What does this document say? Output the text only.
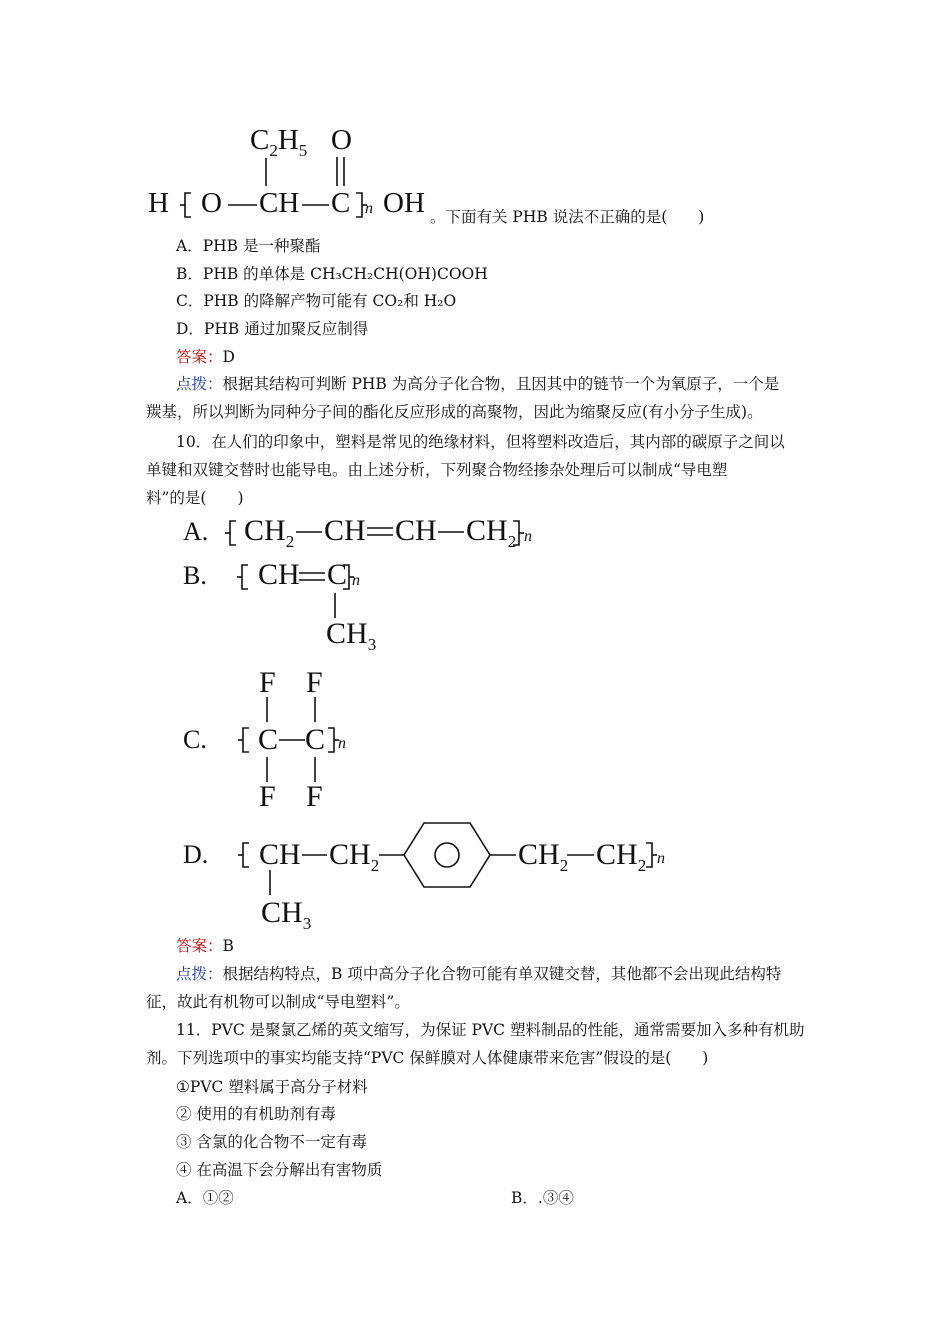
H O CH C n OH
$C_2H_5$ O
。下面有关 PHB 说法不正确的是(　　)
A．PHB 是一种聚酯
B．PHB 的单体是 CH₃CH₂CH(OH)COOH
C．PHB 的降解产物可能有 CO₂和 H₂O
D．PHB 通过加聚反应制得
答案：D
点拨：根据其结构可判断 PHB 为高分子化合物，且因其中的链节一个为氧原子，一个是
羰基，所以判断为同种分子间的酯化反应形成的高聚物，因此为缩聚反应(有小分子生成)。
10．在人们的印象中，塑料是常见的绝缘材料，但将塑料改造后，其内部的碳原子之间以
单键和双键交替时也能导电。由上述分析，下列聚合物经掺杂处理后可以制成“导电塑
料”的是(　　)
A. $CH_2$ CH CH $CH_2$ n
B. CH C n
$CH_3$
C.
F F
C C n
F F
D. CH $CH_2$	$CH_2$ $CH_2$ n
$CH_3$
答案：B
点拨：根据结构特点，B 项中高分子化合物可能有单双键交替，其他都不会出现此结构特
征，故此有机物可以制成“导电塑料”。
11．PVC 是聚氯乙烯的英文缩写，为保证 PVC 塑料制品的性能，通常需要加入多种有机助
剂。下列选项中的事实均能支持“PVC 保鲜膜对人体健康带来危害”假设的是(　　)
①PVC 塑料属于高分子材料
② 使用的有机助剂有毒
③ 含氯的化合物不一定有毒
④ 在高温下会分解出有害物质
A．①②	B．.③④
